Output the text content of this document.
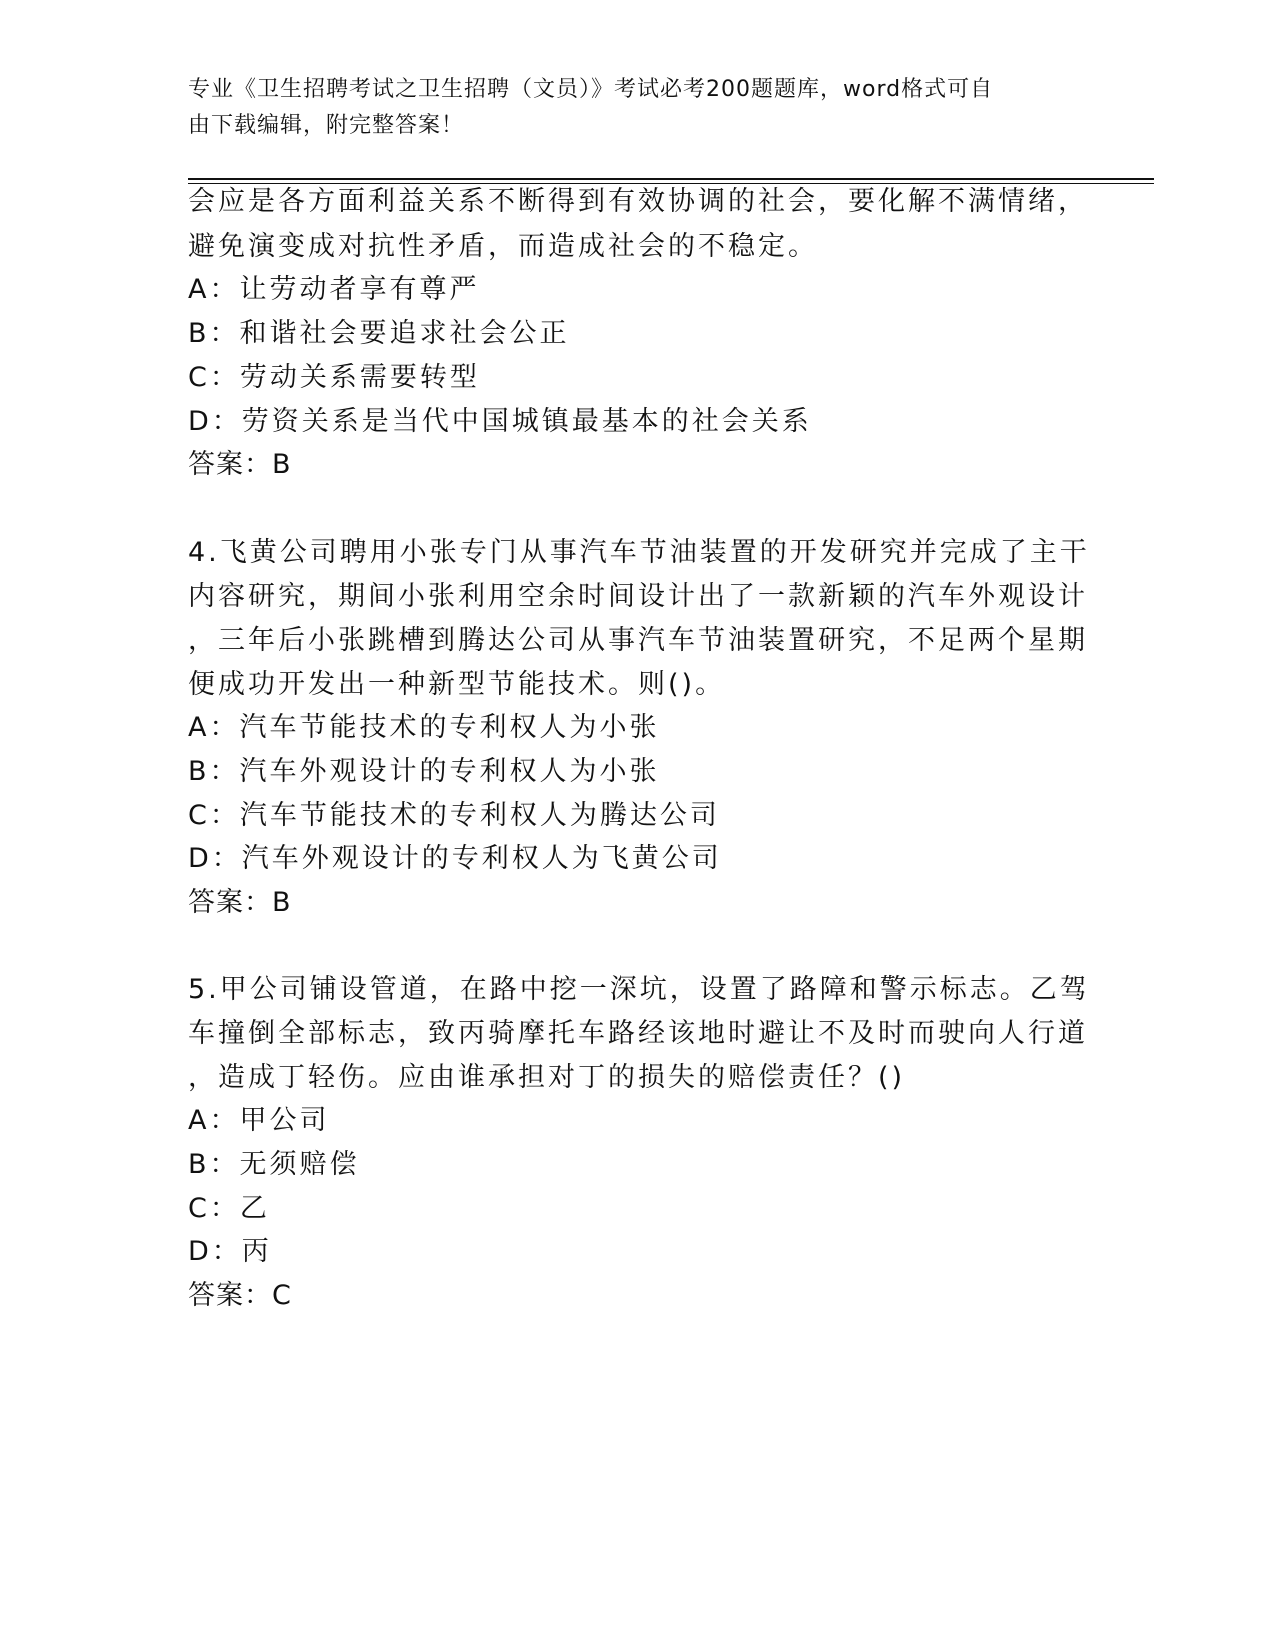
专业《卫生招聘考试之卫生招聘（文员）》考试必考200题题库，word格式可自
由下载编辑，附完整答案！
会应是各方面利益关系不断得到有效协调的社会，要化解不满情绪，
避免演变成对抗性矛盾，而造成社会的不稳定。
A：让劳动者享有尊严
B：和谐社会要追求社会公正
C：劳动关系需要转型
D：劳资关系是当代中国城镇最基本的社会关系
答案：B
4.飞黄公司聘用小张专门从事汽车节油装置的开发研究并完成了主干
内容研究，期间小张利用空余时间设计出了一款新颖的汽车外观设计
，三年后小张跳槽到腾达公司从事汽车节油装置研究，不足两个星期
便成功开发出一种新型节能技术。则()。
A：汽车节能技术的专利权人为小张
B：汽车外观设计的专利权人为小张
C：汽车节能技术的专利权人为腾达公司
D：汽车外观设计的专利权人为飞黄公司
答案：B
5.甲公司铺设管道，在路中挖一深坑，设置了路障和警示标志。乙驾
车撞倒全部标志，致丙骑摩托车路经该地时避让不及时而驶向人行道
，造成丁轻伤。应由谁承担对丁的损失的赔偿责任？()
A：甲公司
B：无须赔偿
C：乙
D：丙
答案：C
